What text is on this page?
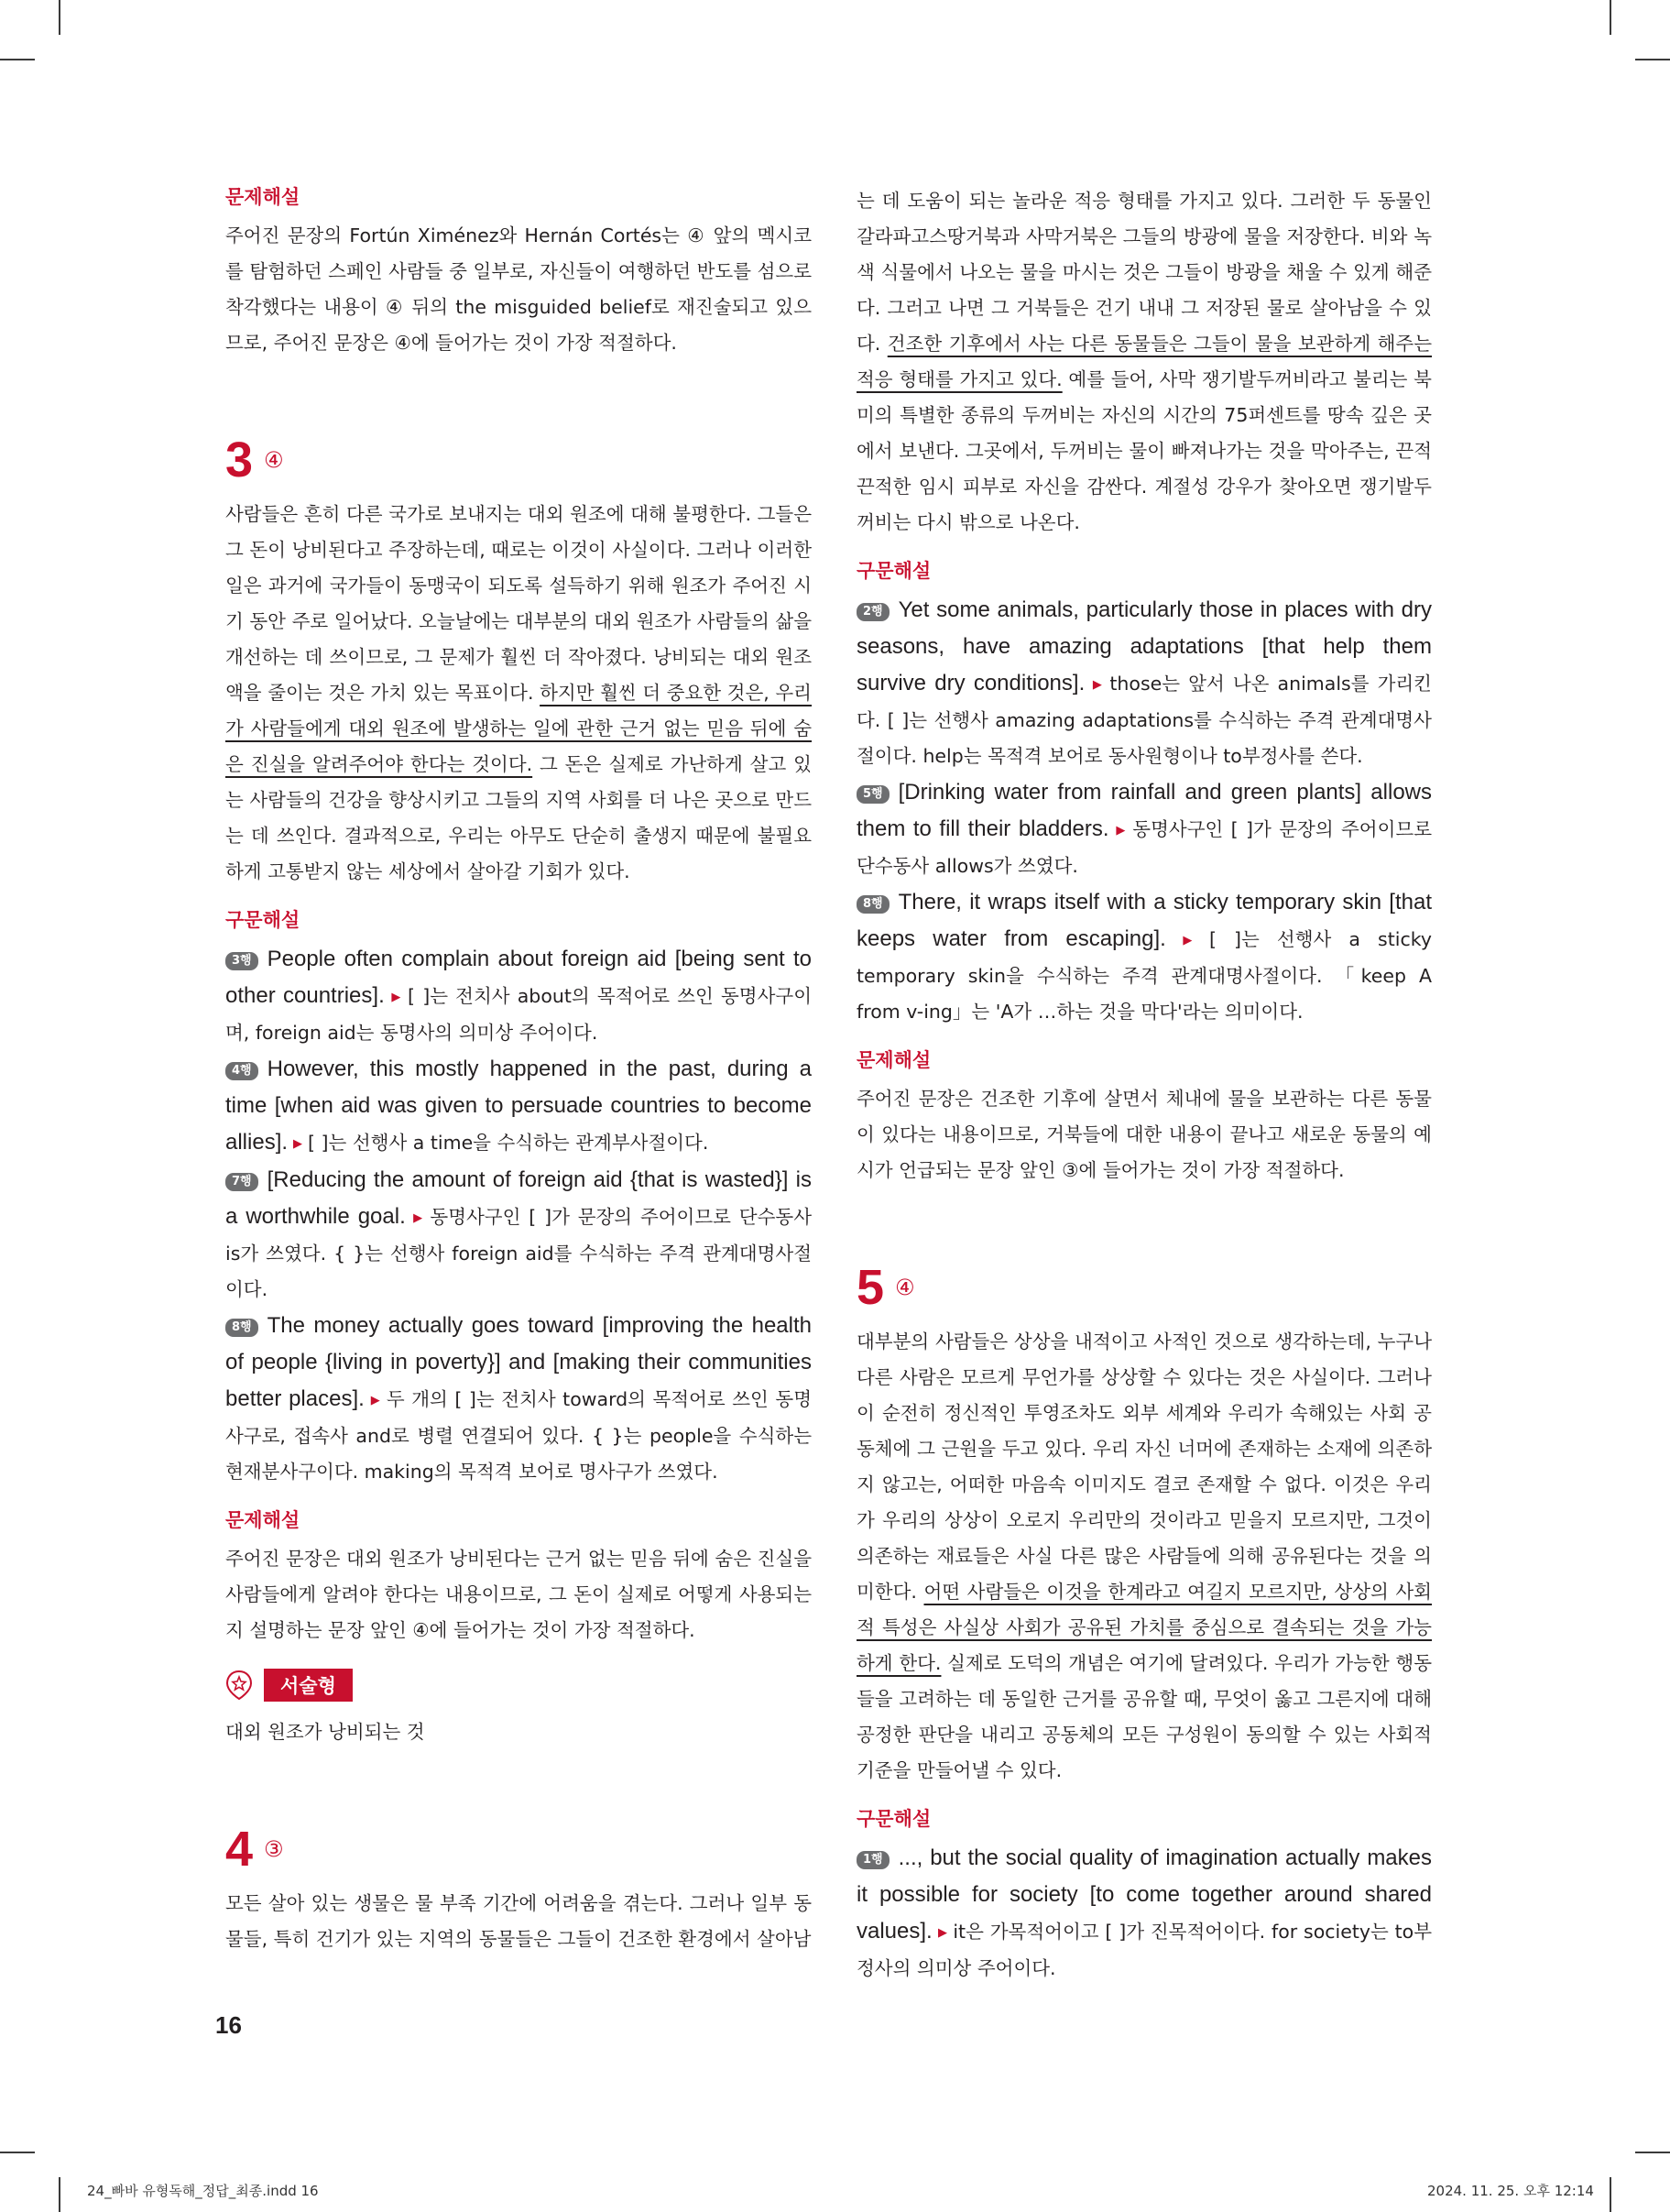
문제해설

주어진 문장의 Fortún Ximénez와 Hernán Cortés는 ④ 앞의 멕시코를 탐험하던 스페인 사람들 중 일부로, 자신들이 여행하던 반도를 섬으로 착각했다는 내용이 ④ 뒤의 the misguided belief로 재진술되고 있으므로, 주어진 문장은 ④에 들어가는 것이 가장 적절하다.

3 ④

사람들은 흔히 다른 국가로 보내지는 대외 원조에 대해 불평한다. 그들은 그 돈이 낭비된다고 주장하는데, 때로는 이것이 사실이다. 그러나 이러한 일은 과거에 국가들이 동맹국이 되도록 설득하기 위해 원조가 주어진 시기 동안 주로 일어났다. 오늘날에는 대부분의 대외 원조가 사람들의 삶을 개선하는 데 쓰이므로, 그 문제가 훨씬 더 작아졌다. 낭비되는 대외 원조액을 줄이는 것은 가치 있는 목표이다. 하지만 훨씬 더 중요한 것은, 우리가 사람들에게 대외 원조에 발생하는 일에 관한 근거 없는 믿음 뒤에 숨은 진실을 알려주어야 한다는 것이다. 그 돈은 실제로 가난하게 살고 있는 사람들의 건강을 향상시키고 그들의 지역 사회를 더 나은 곳으로 만드는 데 쓰인다. 결과적으로, 우리는 아무도 단순히 출생지 때문에 불필요하게 고통받지 않는 세상에서 살아갈 기회가 있다.

구문해설

3행 People often complain about foreign aid [being sent to other countries]. ▶ [ ]는 전치사 about의 목적어로 쓰인 동명사구이며, foreign aid는 동명사의 의미상 주어이다.

4행 However, this mostly happened in the past, during a time [when aid was given to persuade countries to become allies]. ▶ [ ]는 선행사 a time을 수식하는 관계부사절이다.

7행 [Reducing the amount of foreign aid {that is wasted}] is a worthwhile goal. ▶ 동명사구인 [ ]가 문장의 주어이므로 단수동사 is가 쓰였다. { }는 선행사 foreign aid를 수식하는 주격 관계대명사절이다.

8행 The money actually goes toward [improving the health of people {living in poverty}] and [making their communities better places]. ▶ 두 개의 [ ]는 전치사 toward의 목적어로 쓰인 동명사구로, 접속사 and로 병렬 연결되어 있다. { }는 people을 수식하는 현재분사구이다. making의 목적격 보어로 명사구가 쓰였다.

문제해설

주어진 문장은 대외 원조가 낭비된다는 근거 없는 믿음 뒤에 숨은 진실을 사람들에게 알려야 한다는 내용이므로, 그 돈이 실제로 어떻게 사용되는지 설명하는 문장 앞인 ④에 들어가는 것이 가장 적절하다.

서술형

대외 원조가 낭비되는 것

4 ③

모든 살아 있는 생물은 물 부족 기간에 어려움을 겪는다. 그러나 일부 동물들, 특히 건기가 있는 지역의 동물들은 그들이 건조한 환경에서 살아남

는 데 도움이 되는 놀라운 적응 형태를 가지고 있다. 그러한 두 동물인 갈라파고스땅거북과 사막거북은 그들의 방광에 물을 저장한다. 비와 녹색 식물에서 나오는 물을 마시는 것은 그들이 방광을 채울 수 있게 해준다. 그러고 나면 그 거북들은 건기 내내 그 저장된 물로 살아남을 수 있다. 건조한 기후에서 사는 다른 동물들은 그들이 물을 보관하게 해주는 적응 형태를 가지고 있다. 예를 들어, 사막 쟁기발두꺼비라고 불리는 북미의 특별한 종류의 두꺼비는 자신의 시간의 75퍼센트를 땅속 깊은 곳에서 보낸다. 그곳에서, 두꺼비는 물이 빠져나가는 것을 막아주는, 끈적끈적한 임시 피부로 자신을 감싼다. 계절성 강우가 찾아오면 쟁기발두꺼비는 다시 밖으로 나온다.

구문해설

2행 Yet some animals, particularly those in places with dry seasons, have amazing adaptations [that help them survive dry conditions]. ▶ those는 앞서 나온 animals를 가리킨다. [ ]는 선행사 amazing adaptations를 수식하는 주격 관계대명사절이다. help는 목적격 보어로 동사원형이나 to부정사를 쓴다.

5행 [Drinking water from rainfall and green plants] allows them to fill their bladders. ▶ 동명사구인 [ ]가 문장의 주어이므로 단수동사 allows가 쓰였다.

8행 There, it wraps itself with a sticky temporary skin [that keeps water from escaping]. ▶ [ ]는 선행사 a sticky temporary skin을 수식하는 주격 관계대명사절이다. 「keep A from v-ing」는 'A가 …하는 것을 막다'라는 의미이다.

문제해설

주어진 문장은 건조한 기후에 살면서 체내에 물을 보관하는 다른 동물이 있다는 내용이므로, 거북들에 대한 내용이 끝나고 새로운 동물의 예시가 언급되는 문장 앞인 ③에 들어가는 것이 가장 적절하다.

5 ④

대부분의 사람들은 상상을 내적이고 사적인 것으로 생각하는데, 누구나 다른 사람은 모르게 무언가를 상상할 수 있다는 것은 사실이다. 그러나 이 순전히 정신적인 투영조차도 외부 세계와 우리가 속해있는 사회 공동체에 그 근원을 두고 있다. 우리 자신 너머에 존재하는 소재에 의존하지 않고는, 어떠한 마음속 이미지도 결코 존재할 수 없다. 이것은 우리가 우리의 상상이 오로지 우리만의 것이라고 믿을지 모르지만, 그것이 의존하는 재료들은 사실 다른 많은 사람들에 의해 공유된다는 것을 의미한다. 어떤 사람들은 이것을 한계라고 여길지 모르지만, 상상의 사회적 특성은 사실상 사회가 공유된 가치를 중심으로 결속되는 것을 가능하게 한다. 실제로 도덕의 개념은 여기에 달려있다. 우리가 가능한 행동들을 고려하는 데 동일한 근거를 공유할 때, 무엇이 옳고 그른지에 대해 공정한 판단을 내리고 공동체의 모든 구성원이 동의할 수 있는 사회적 기준을 만들어낼 수 있다.

구문해설

1행 ..., but the social quality of imagination actually makes it possible for society [to come together around shared values]. ▶ it은 가목적어이고 [ ]가 진목적어이다. for society는 to부정사의 의미상 주어이다.

16
24_빠바 유형독해_정답_최종.indd 16	2024. 11. 25. 오후 12:14
